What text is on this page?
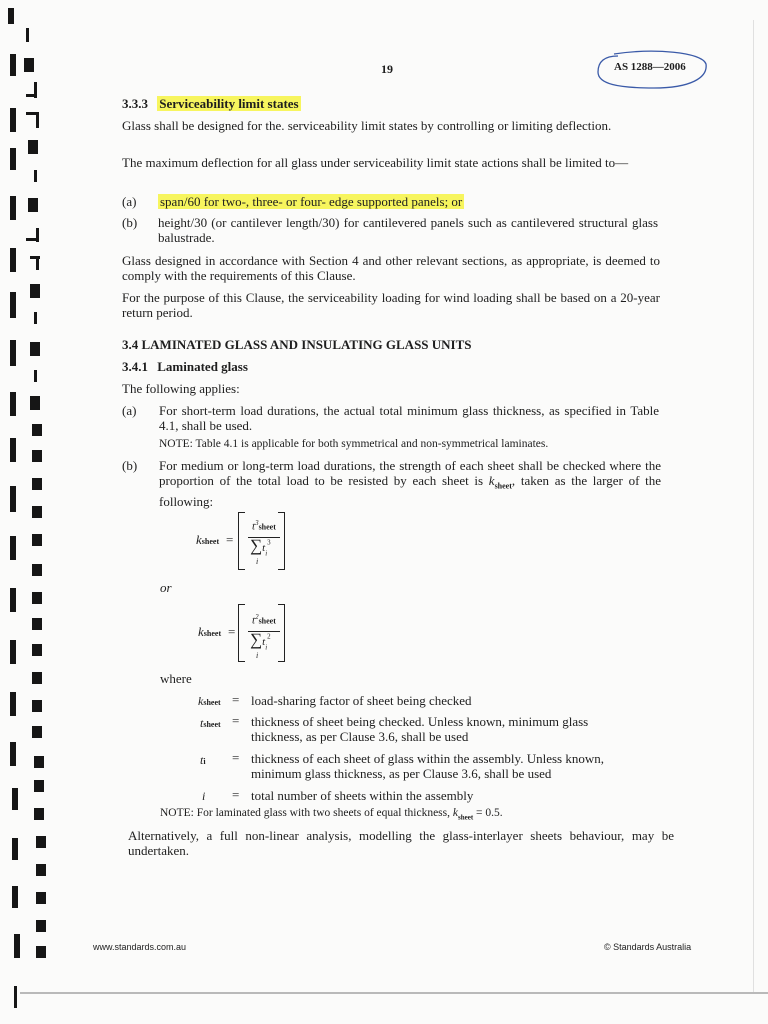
19	AS 1288—2006
3.3.3 Serviceability limit states
Glass shall be designed for the. serviceability limit states by controlling or limiting deflection.
The maximum deflection for all glass under serviceability limit state actions shall be limited to—
(a) span/60 for two-, three- or four- edge supported panels; or
(b) height/30 (or cantilever length/30) for cantilevered panels such as cantilevered structural glass balustrade.
Glass designed in accordance with Section 4 and other relevant sections, as appropriate, is deemed to comply with the requirements of this Clause.
For the purpose of this Clause, the serviceability loading for wind loading shall be based on a 20-year return period.
3.4 LAMINATED GLASS AND INSULATING GLASS UNITS
3.4.1 Laminated glass
The following applies:
(a) For short-term load durations, the actual total minimum glass thickness, as specified in Table 4.1, shall be used.
NOTE: Table 4.1 is applicable for both symmetrical and non-symmetrical laminates.
(b) For medium or long-term load durations, the strength of each sheet shall be checked where the proportion of the total load to be resisted by each sheet is $k_{sheet}$, taken as the larger of the following:
ksheet =
$t^3sheet$
$\sum t_i^3$
i
or
ksheet =
$t^2sheet$
$\sum t_i^2$
i
where
ksheet = load-sharing factor of sheet being checked
tsheet = thickness of sheet being checked. Unless known, minimum glass
thickness, as per Clause 3.6, shall be used
ti = thickness of each sheet of glass within the assembly. Unless known,
minimum glass thickness, as per Clause 3.6, shall be used
i = total number of sheets within the assembly
NOTE: For laminated glass with two sheets of equal thickness, $k_{sheet} = 0.5$.
Alternatively, a full non-linear analysis, modelling the glass-interlayer sheets behaviour, may be undertaken.
www.standards.com.au	© Standards Australia
